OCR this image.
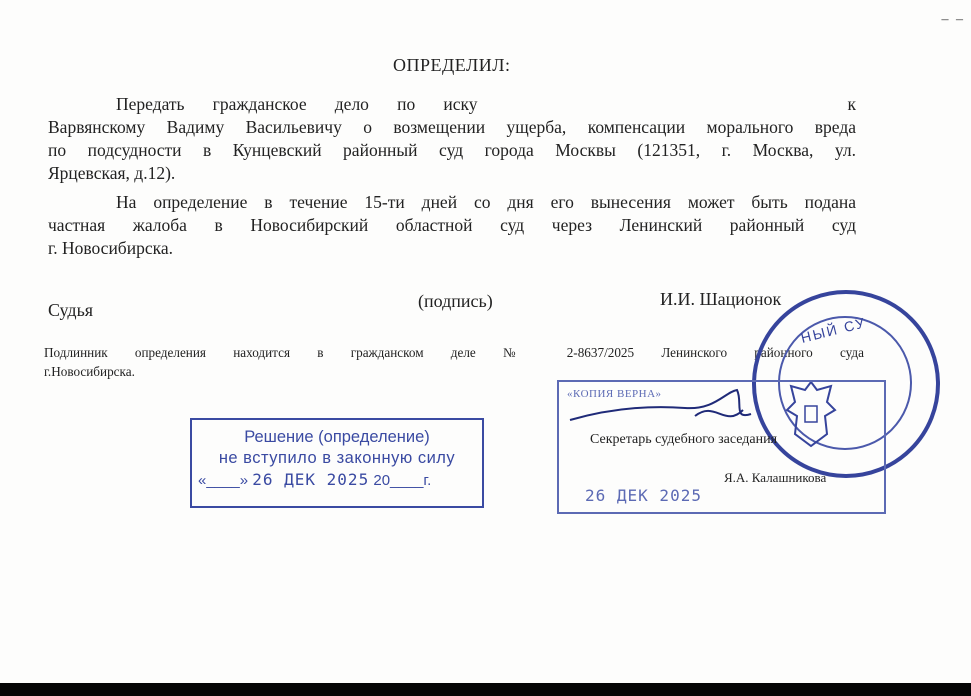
– –
ОПРЕДЕЛИЛ:
Передать гражданское дело по иску	к
Варвянскому Вадиму Васильевичу о возмещении ущерба, компенсации морального вреда
по подсудности в Кунцевский районный суд города Москвы (121351, г. Москва, ул.
Ярцевская, д.12).
На определение в течение 15-ти дней со дня его вынесения может быть подана
частная жалоба в Новосибирский областной суд через Ленинский районный суд
г. Новосибирска.
Судья	(подпись)	И.И. Шационок
Подлинник определения находится в гражданском деле № 2-8637/2025 Ленинского районного суда
г.Новосибирска.
Решение (определение)
не вступило в законную силу
«____» 26 ДЕК 2025 20____г.
НЫЙ СУ
«КОПИЯ ВЕРНА»
26 ДЕК 2025
Секретарь судебного заседания
Я.А. Калашникова
